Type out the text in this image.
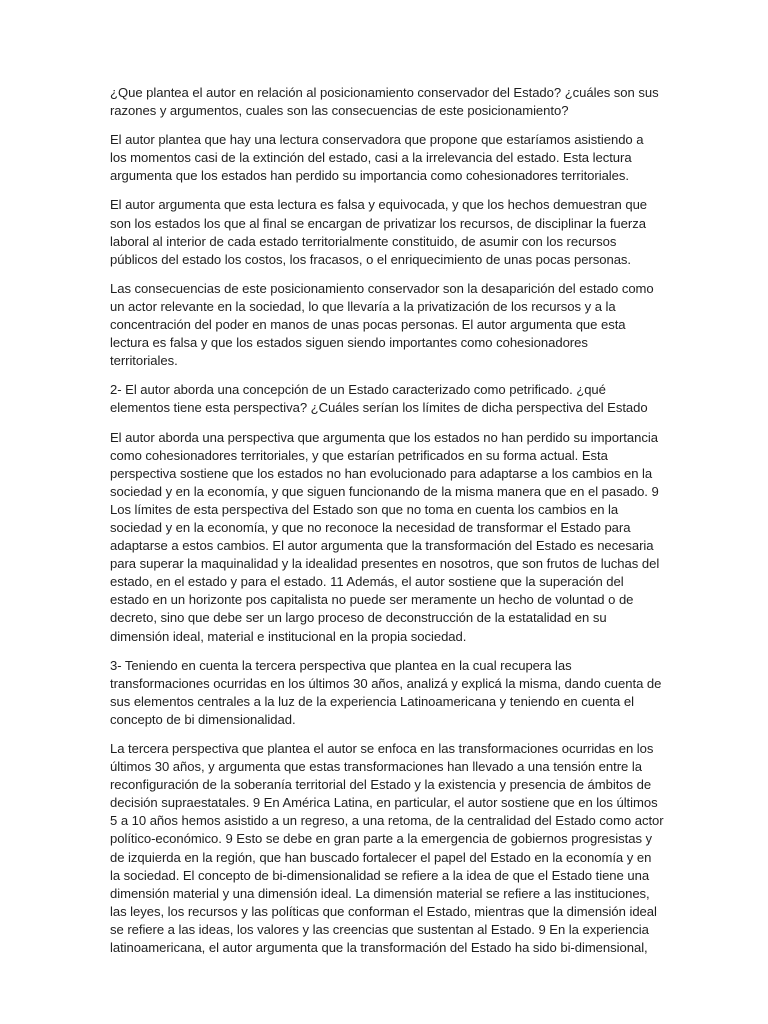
¿Que plantea el autor en relación al posicionamiento conservador del Estado? ¿cuáles son sus
razones y argumentos, cuales son las consecuencias de este posicionamiento?

El autor plantea que hay una lectura conservadora que propone que estaríamos asistiendo a
los momentos casi de la extinción del estado, casi a la irrelevancia del estado. Esta lectura
argumenta que los estados han perdido su importancia como cohesionadores territoriales.

El autor argumenta que esta lectura es falsa y equivocada, y que los hechos demuestran que
son los estados los que al final se encargan de privatizar los recursos, de disciplinar la fuerza
laboral al interior de cada estado territorialmente constituido, de asumir con los recursos
públicos del estado los costos, los fracasos, o el enriquecimiento de unas pocas personas.

Las consecuencias de este posicionamiento conservador son la desaparición del estado como
un actor relevante en la sociedad, lo que llevaría a la privatización de los recursos y a la
concentración del poder en manos de unas pocas personas. El autor argumenta que esta
lectura es falsa y que los estados siguen siendo importantes como cohesionadores
territoriales.

2- El autor aborda una concepción de un Estado caracterizado como petrificado. ¿qué
elementos tiene esta perspectiva? ¿Cuáles serían los límites de dicha perspectiva del Estado

El autor aborda una perspectiva que argumenta que los estados no han perdido su importancia
como cohesionadores territoriales, y que estarían petrificados en su forma actual. Esta
perspectiva sostiene que los estados no han evolucionado para adaptarse a los cambios en la
sociedad y en la economía, y que siguen funcionando de la misma manera que en el pasado. 9
Los límites de esta perspectiva del Estado son que no toma en cuenta los cambios en la
sociedad y en la economía, y que no reconoce la necesidad de transformar el Estado para
adaptarse a estos cambios. El autor argumenta que la transformación del Estado es necesaria
para superar la maquinalidad y la idealidad presentes en nosotros, que son frutos de luchas del
estado, en el estado y para el estado. 11 Además, el autor sostiene que la superación del
estado en un horizonte pos capitalista no puede ser meramente un hecho de voluntad o de
decreto, sino que debe ser un largo proceso de deconstrucción de la estatalidad en su
dimensión ideal, material e institucional en la propia sociedad.

3- Teniendo en cuenta la tercera perspectiva que plantea en la cual recupera las
transformaciones ocurridas en los últimos 30 años, analizá y explicá la misma, dando cuenta de
sus elementos centrales a la luz de la experiencia Latinoamericana y teniendo en cuenta el
concepto de bi dimensionalidad.

La tercera perspectiva que plantea el autor se enfoca en las transformaciones ocurridas en los
últimos 30 años, y argumenta que estas transformaciones han llevado a una tensión entre la
reconfiguración de la soberanía territorial del Estado y la existencia y presencia de ámbitos de
decisión supraestatales. 9 En América Latina, en particular, el autor sostiene que en los últimos
5 a 10 años hemos asistido a un regreso, a una retoma, de la centralidad del Estado como actor
político-económico. 9 Esto se debe en gran parte a la emergencia de gobiernos progresistas y
de izquierda en la región, que han buscado fortalecer el papel del Estado en la economía y en
la sociedad. El concepto de bi-dimensionalidad se refiere a la idea de que el Estado tiene una
dimensión material y una dimensión ideal. La dimensión material se refiere a las instituciones,
las leyes, los recursos y las políticas que conforman el Estado, mientras que la dimensión ideal
se refiere a las ideas, los valores y las creencias que sustentan al Estado. 9 En la experiencia
latinoamericana, el autor argumenta que la transformación del Estado ha sido bi-dimensional,
